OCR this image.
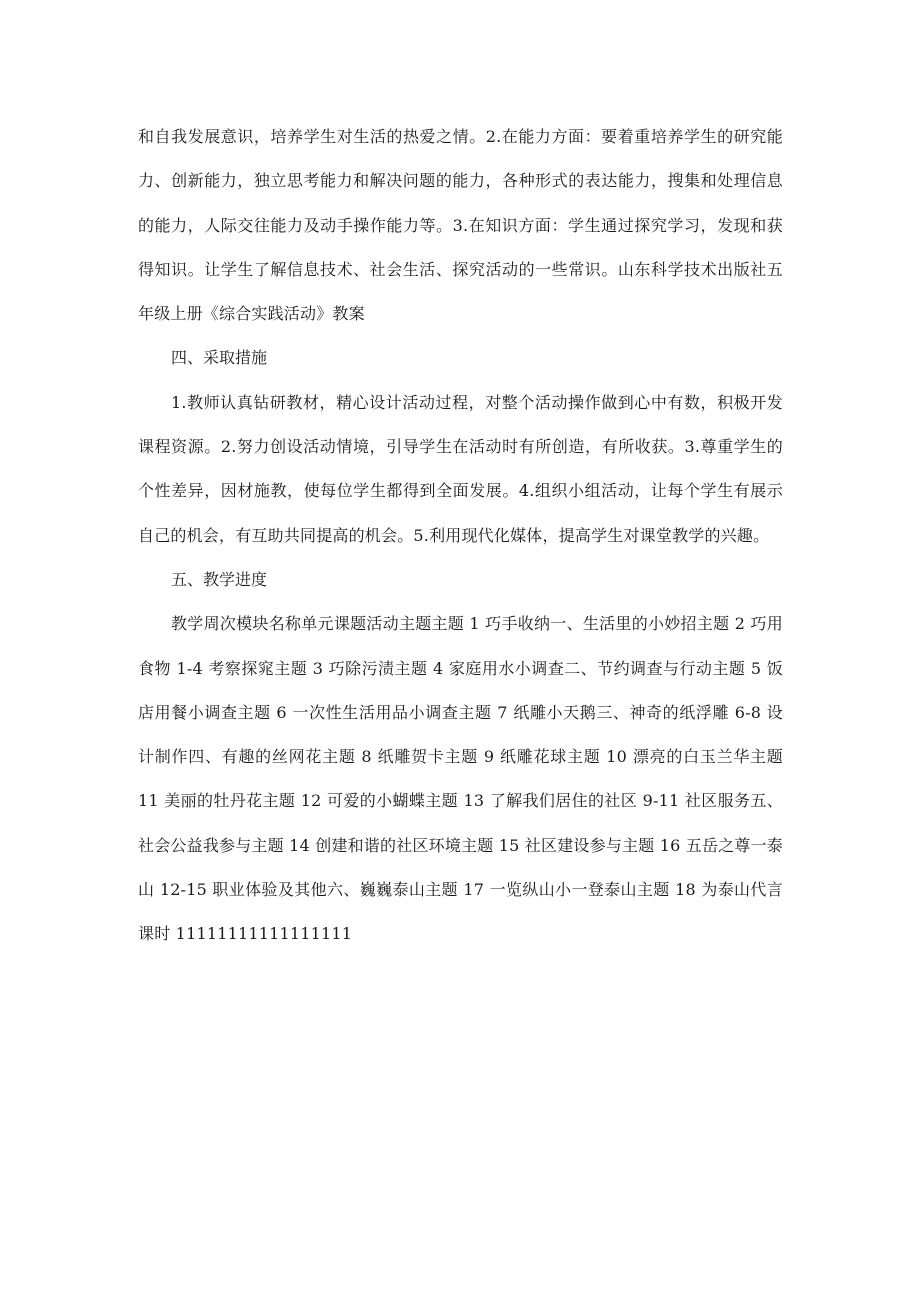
和自我发展意识，培养学生对生活的热爱之情。2.在能力方面：要着重培养学生的研究能力、创新能力，独立思考能力和解决问题的能力，各种形式的表达能力，搜集和处理信息的能力，人际交往能力及动手操作能力等。3.在知识方面：学生通过探究学习，发现和获得知识。让学生了解信息技术、社会生活、探究活动的一些常识。山东科学技术出版社五年级上册《综合实践活动》教案

四、采取措施

1.教师认真钻研教材，精心设计活动过程，对整个活动操作做到心中有数，积极开发课程资源。2.努力创设活动情境，引导学生在活动时有所创造，有所收获。3.尊重学生的个性差异，因材施教，使每位学生都得到全面发展。4.组织小组活动，让每个学生有展示自己的机会，有互助共同提高的机会。5.利用现代化媒体，提高学生对课堂教学的兴趣。

五、教学进度

教学周次模块名称单元课题活动主题主题 1 巧手收纳一、生活里的小妙招主题 2 巧用食物 1-4 考察探窕主题 3 巧除污渍主题 4 家庭用水小调查二、节约调查与行动主题 5 饭店用餐小调查主题 6 一次性生活用品小调查主题 7 纸雕小天鹅三、神奇的纸浮雕 6-8 设计制作四、有趣的丝网花主题 8 纸雕贺卡主题 9 纸雕花球主题 10 漂亮的白玉兰华主题 11 美丽的牡丹花主题 12 可爱的小蝴蝶主题 13 了解我们居住的社区 9-11 社区服务五、社会公益我参与主题 14 创建和谐的社区环境主题 15 社区建设参与主题 16 五岳之尊一泰山 12-15 职业体验及其他六、巍巍泰山主题 17 一览纵山小一登泰山主题 18 为泰山代言课时 11111111111111111
